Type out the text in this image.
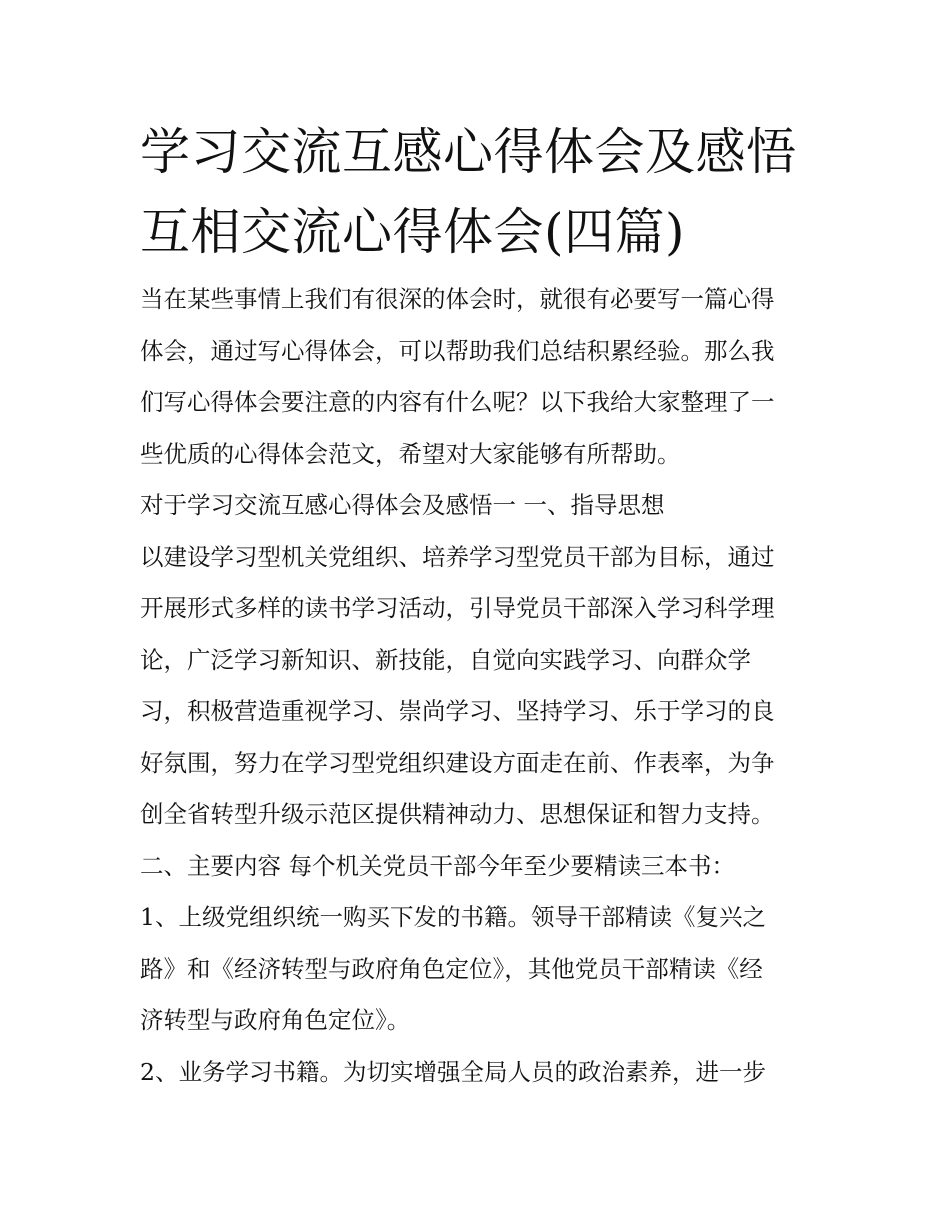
学习交流互感心得体会及感悟
互相交流心得体会(四篇)
当在某些事情上我们有很深的体会时，就很有必要写一篇心得
体会，通过写心得体会，可以帮助我们总结积累经验。那么我
们写心得体会要注意的内容有什么呢？以下我给大家整理了一
些优质的心得体会范文，希望对大家能够有所帮助。
对于学习交流互感心得体会及感悟一 一、指导思想
以建设学习型机关党组织、培养学习型党员干部为目标，通过
开展形式多样的读书学习活动，引导党员干部深入学习科学理
论，广泛学习新知识、新技能，自觉向实践学习、向群众学
习，积极营造重视学习、崇尚学习、坚持学习、乐于学习的良
好氛围，努力在学习型党组织建设方面走在前、作表率，为争
创全省转型升级示范区提供精神动力、思想保证和智力支持。
二、主要内容 每个机关党员干部今年至少要精读三本书：
1、上级党组织统一购买下发的书籍。领导干部精读《复兴之
路》和《经济转型与政府角色定位》，其他党员干部精读《经
济转型与政府角色定位》。
2、业务学习书籍。为切实增强全局人员的政治素养，进一步
